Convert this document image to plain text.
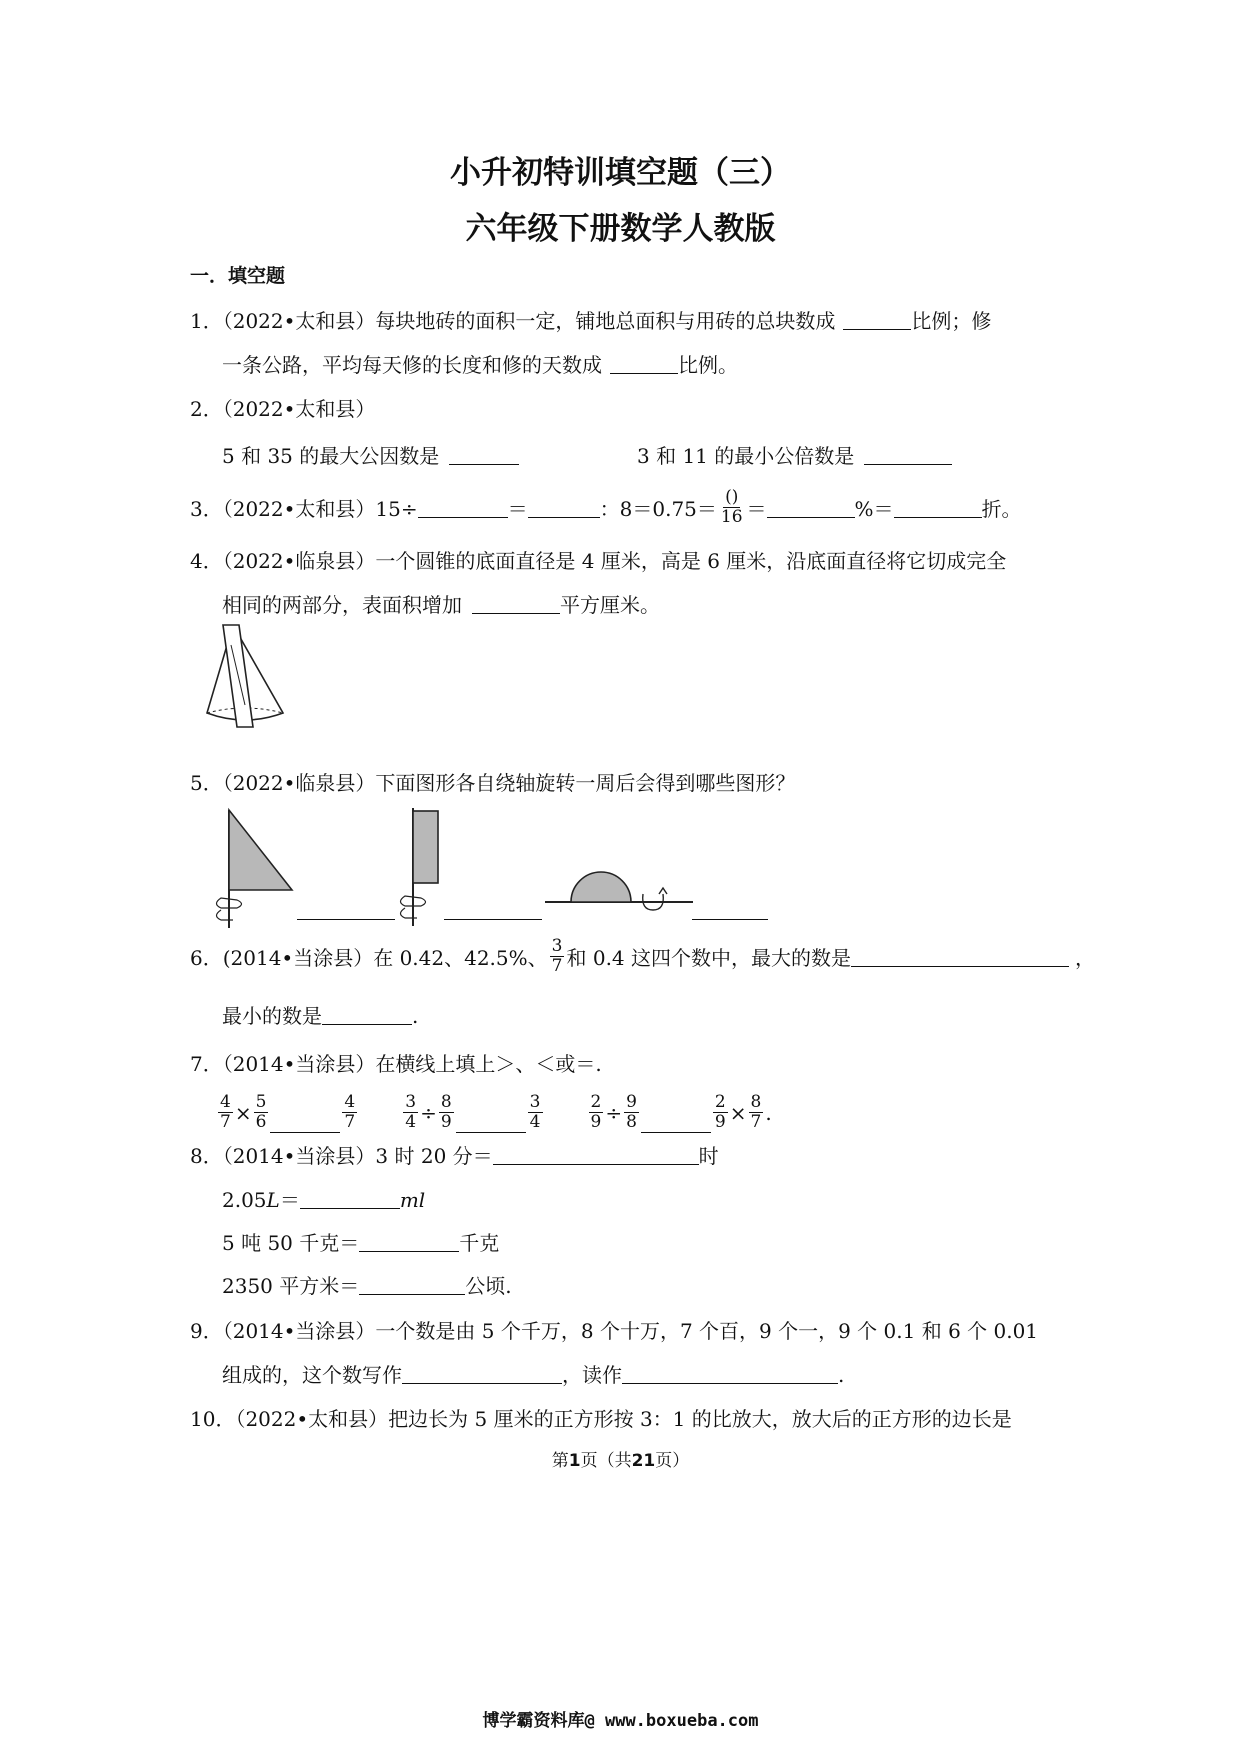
小升初特训填空题（三）
六年级下册数学人教版
一．填空题
1．（2022•太和县）每块地砖的面积一定，铺地总面积与用砖的总块数成	比例；修
一条公路，平均每天修的长度和修的天数成	比例。
2．（2022•太和县）
5 和 35 的最大公因数是	3 和 11 的最小公倍数是
3．（2022•太和县）15÷	＝	：$8=0.75= \frac{()}{16}$ ＝	%＝	折。
4．（2022•临泉县）一个圆锥的底面直径是 4 厘米，高是 6 厘米，沿底面直径将它切成完全
相同的两部分，表面积增加	平方厘米。
5．（2022•临泉县）下面图形各自绕轴旋转一周后会得到哪些图形？
6．(2014•当涂县）在 0.42、42.5%、 $\frac{3}{7}$ 和 0.4 这四个数中，最大的数是	，
最小的数是	.
7．（2014•当涂县）在横线上填上＞、＜或＝.
$\frac{4}{7} \times \frac{5}{6}$	$\frac{4}{7}$	$\frac{3}{4} \div \frac{8}{9}$	$\frac{3}{4}$	$\frac{2}{9} \div \frac{9}{8}$	$\frac{2}{9} \times \frac{8}{7}$ .
8．（2014•当涂县）3 时 20 分＝	时
2.05L＝	ml
5 吨 50 千克＝	千克
2350 平方米＝	公顷.
9．（2014•当涂县）一个数是由 5 个千万，8 个十万，7 个百，9 个一，9 个 0.1 和 6 个 0.01
组成的，这个数写作	，读作	.
10．（2022•太和县）把边长为 5 厘米的正方形按 3：1 的比放大，放大后的正方形的边长是
第1页（共21页）
博学霸资料库@ www.boxueba.com
